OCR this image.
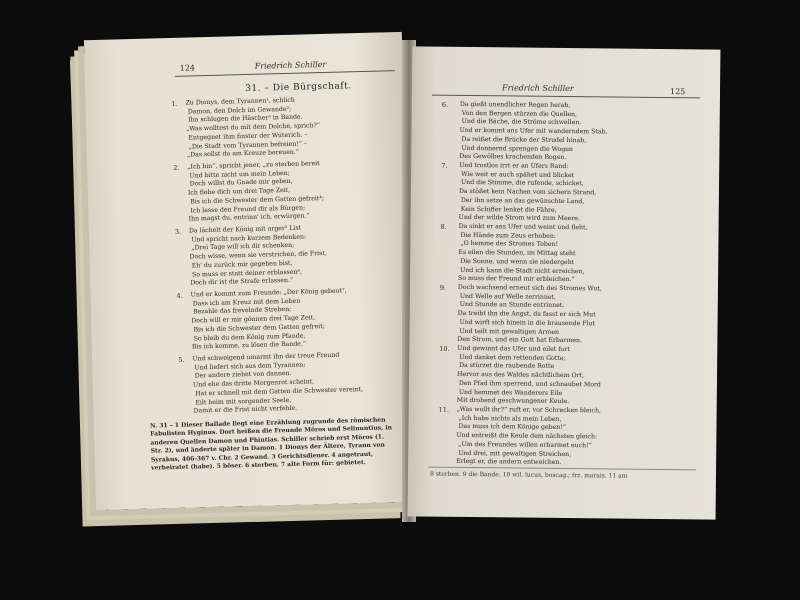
124	Friedrich Schiller
31. – Die Bürgschaft.
1. Zu Dionys, dem Tyrannen¹, schlich
Damon, den Dolch im Gewande²;
Ihn schlugen die Häscher³ in Bande.
„Was wolltest du mit dem Dolche, sprich?“
Entgegnet ihm finster der Wüterich. –
„Die Stadt vom Tyrannen befreien!“ –
„Das sollst du am Kreuze bereuen.“
2. „Ich bin“, spricht jener, „zu sterben bereit
Und bitte nicht um mein Leben;
Doch willst du Gnade mir geben,
Ich flehe dich um drei Tage Zeit,
Bis ich die Schwester dem Gatten gefreit⁴;
Ich lasse den Freund dir als Bürgen;
Ihn magst du, entrinn' ich, erwürgen.“
3. Da lächelt der König mit arger⁵ List
Und spricht nach kurzem Bedenken:
„Drei Tage will ich dir schenken;
Doch wisse, wenn sie verstrichen, die Frist,
Eh' du zurück mir gegeben bist,
So muss er statt deiner erblassen⁶,
Doch dir ist die Strafe erlassen.“
4. Und er kommt zum Freunde: „Der König gebeut⁷,
Dass ich am Kreuz mit dem Leben
Bezahle das frevelnde Streben;
Doch will er mir gönnen drei Tage Zeit,
Bis ich die Schwester dem Gatten gefreit;
So bleib du dem König zum Pfande,
Bis ich komme, zu lösen die Bande.“
5. Und schweigend umarmt ihn der treue Freund
Und liefert sich aus dem Tyrannen;
Der andere ziehet von dannen.
Und ehe das dritte Morgenrot scheint,
Hat er schnell mit dem Gatten die Schwester vereint,
Eilt heim mit sorgender Seele,
Damit er die Frist nicht verfehle.
N. 31 – 1 Dieser Ballade liegt eine Erzählung zugrunde des römischen Fabulisten Hyginus. Dort heißen die Freunde Möros und Selinuntius, in anderen Quellen Damon und Phintias. Schiller schrieb erst Möros (1. Str. 2), und änderte später in Damon. 1 Dionys der Ältere, Tyrann von Syrakus, 406-367 v. Chr. 2 Gewand. 3 Gerichtsdiener. 4 angetraut, verheiratet (habe). 5 böser. 6 sterben. 7 alte Form für: gebietet.
Friedrich Schiller	125
6. Da gießt unendlicher Regen herab,
Von den Bergen stürzen die Quellen,
Und die Bäche, die Ströme schwellen.
Und er kommt ans Ufer mit wanderndem Stab,
Da reißet die Brücke der Strudel hinab,
Und donnernd sprengen die Wogen
Des Gewölbes krachenden Bogen.
7. Und trostlos irrt er an Ufers Rand:
Wie weit er auch spähet und blicket
Und die Stimme, die rufende, schicket,
Da stößet kein Nachen vom sichern Strand,
Der ihn setze an das gewünschte Land,
Kein Schiffer lenket die Fähre,
Und der wilde Strom wird zum Meere.
8. Da sinkt er ans Ufer und weint und fleht,
Die Hände zum Zeus erhoben:
„O hemme des Stromes Toben!
Es eilen die Stunden, im Mittag steht
Die Sonne, und wenn sie niedergeht
Und ich kann die Stadt nicht erreichen,
So muss der Freund mir erbleichen.“
9. Doch wachsend erneut sich des Stromes Wut,
Und Welle auf Welle zerrinnet,
Und Stunde an Stunde entrinnet.
Da treibt ihn die Angst, da fasst er sich Mut
Und wirft sich hinein in die brausende Flut
Und teilt mit gewaltigen Armen
Den Strom, und ein Gott hat Erbarmen.
10. Und gewinnt das Ufer und eilet fort
Und danket dem rettenden Gotte;
Da stürzet die raubende Rotte
Hervor aus des Waldes nächtlichem Ort,
Den Pfad ihm sperrend, und schnaubet Mord
Und hemmet des Wanderers Eile
Mit drohend geschwungener Keule.
11. „Was wollt ihr?“ ruft er, vor Schrecken bleich,
„Ich habe nichts als mein Leben,
Das muss ich dem Könige geben!“
Und entreißt die Keule dem nächsten gleich:
„Um des Freundes willen erbarmet euch!“
Und drei, mit gewaltigen Streichen,
Erlegt er, die andern entweichen.
8 sterben. 9 die Bande. 10 wil. lucus, boscag.; frz. marais. 11 am
